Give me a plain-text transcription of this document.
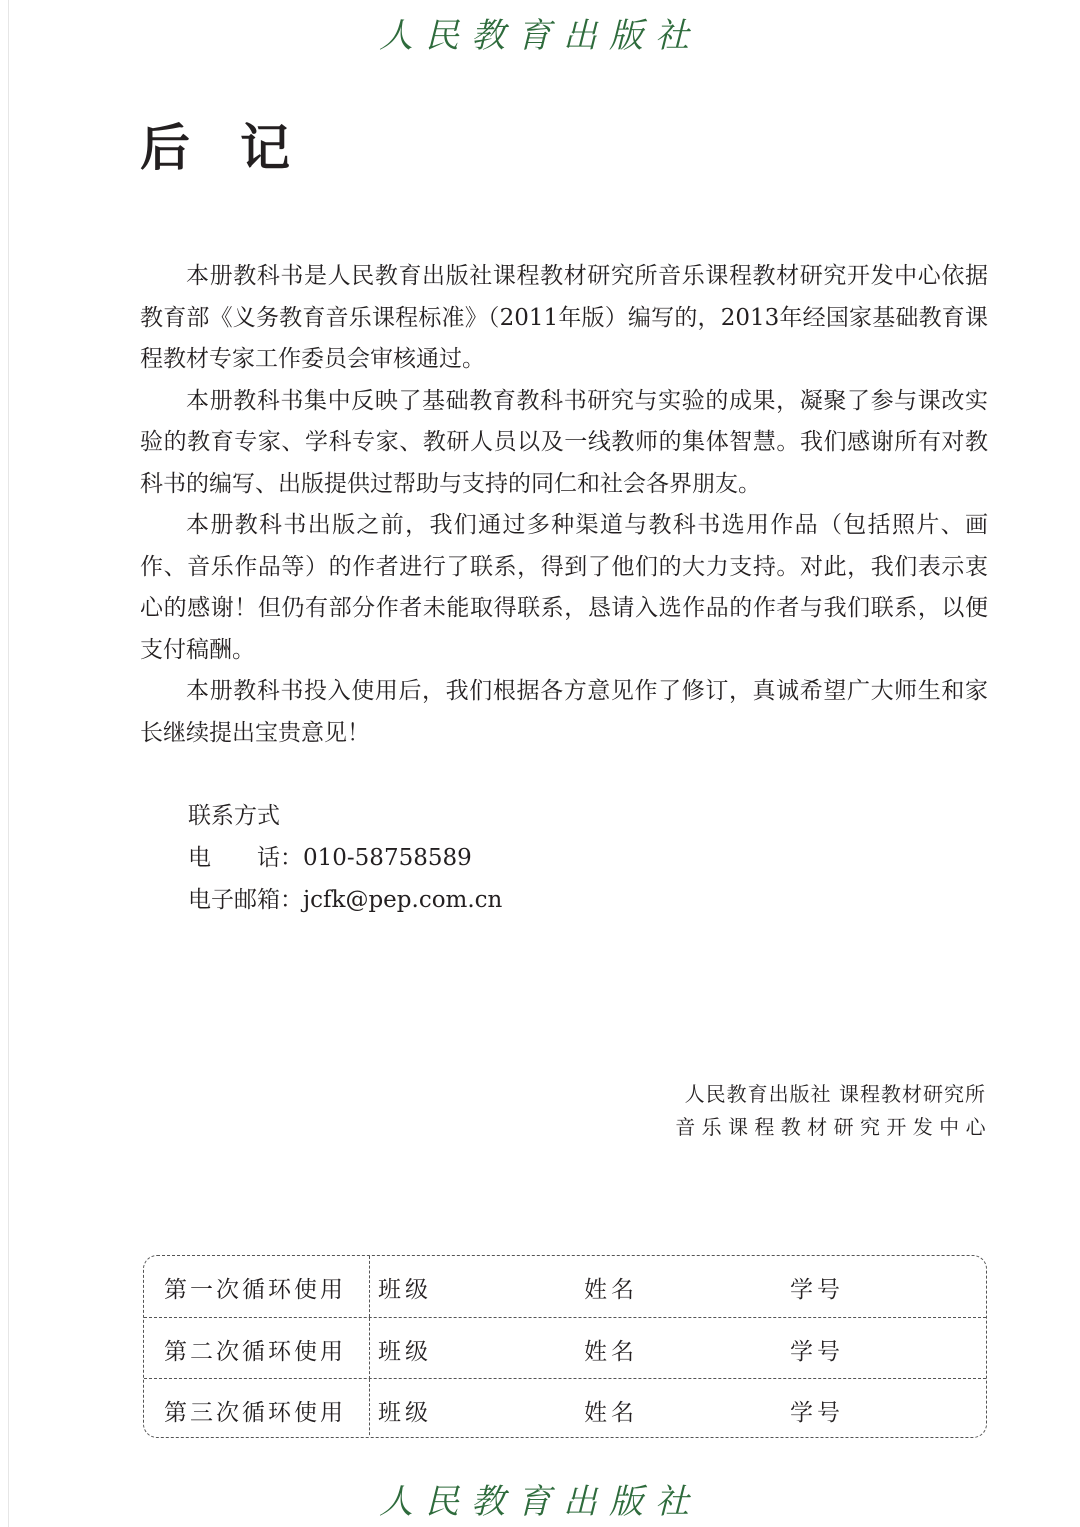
人民教育出版社
后记

本册教科书是人民教育出版社课程教材研究所音乐课程教材研究开发中心依据教育部《义务教育音乐课程标准》（2011年版）编写的，2013年经国家基础教育课程教材专家工作委员会审核通过。

本册教科书集中反映了基础教育教科书研究与实验的成果，凝聚了参与课改实验的教育专家、学科专家、教研人员以及一线教师的集体智慧。我们感谢所有对教科书的编写、出版提供过帮助与支持的同仁和社会各界朋友。

本册教科书出版之前，我们通过多种渠道与教科书选用作品（包括照片、画作、音乐作品等）的作者进行了联系，得到了他们的大力支持。对此，我们表示衷心的感谢！但仍有部分作者未能取得联系，恳请入选作品的作者与我们联系，以便支付稿酬。

本册教科书投入使用后，我们根据各方意见作了修订，真诚希望广大师生和家长继续提出宝贵意见！

联系方式
电　　话：010-58758589
电子邮箱：jcfk@pep.com.cn
人民教育出版社 课程教材研究所
音乐课程教材研究开发中心
第一次循环使用 班级	姓名	学号
第二次循环使用 班级	姓名	学号
第三次循环使用 班级	姓名	学号
人民教育出版社
